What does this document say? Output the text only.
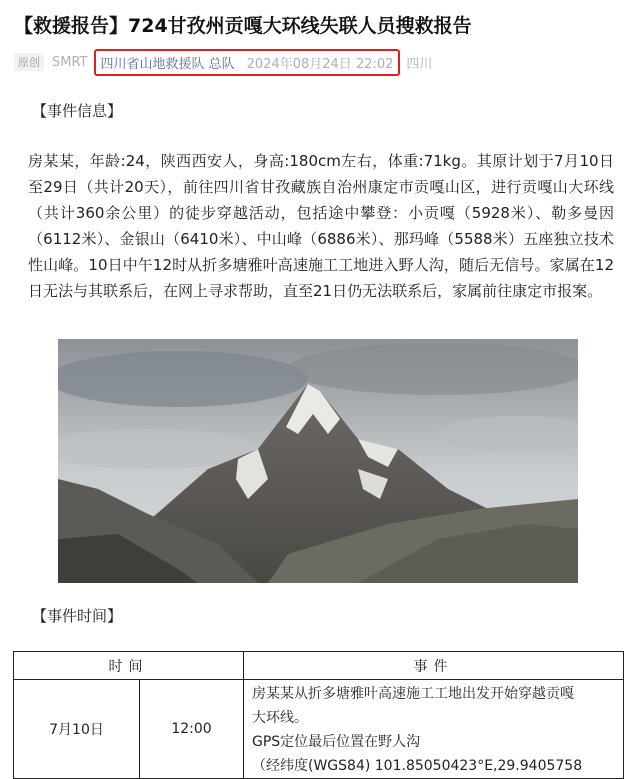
【救援报告】724甘孜州贡嘎大环线失联人员搜救报告
原创 SMRT 四川省山地救援队 总队 2024年08月24日 22:02 四川
【事件信息】

房某某，年龄:24，陕西西安人，身高:180cm左右，体重:71kg。其原计划于7月10日至29日（共计20天），前往四川省甘孜藏族自治州康定市贡嘎山区，进行贡嘎山大环线（共计360余公里）的徒步穿越活动，包括途中攀登：小贡嘎（5928米）、勒多曼因（6112米）、金银山（6410米）、中山峰（6886米）、那玛峰（5588米）五座独立技术性山峰。10日中午12时从折多塘雅叶高速施工工地进入野人沟，随后无信号。家属在12日无法与其联系后，在网上寻求帮助，直至21日仍无法联系后，家属前往康定市报案。

【事件时间】
时间		事件
7月10日	12:00	房某某从折多塘雅叶高速施工工地出发开始穿越贡嘎
大环线。
GPS定位最后位置在野人沟
（经纬度(WGS84) 101.85050423°E,29.9405758
